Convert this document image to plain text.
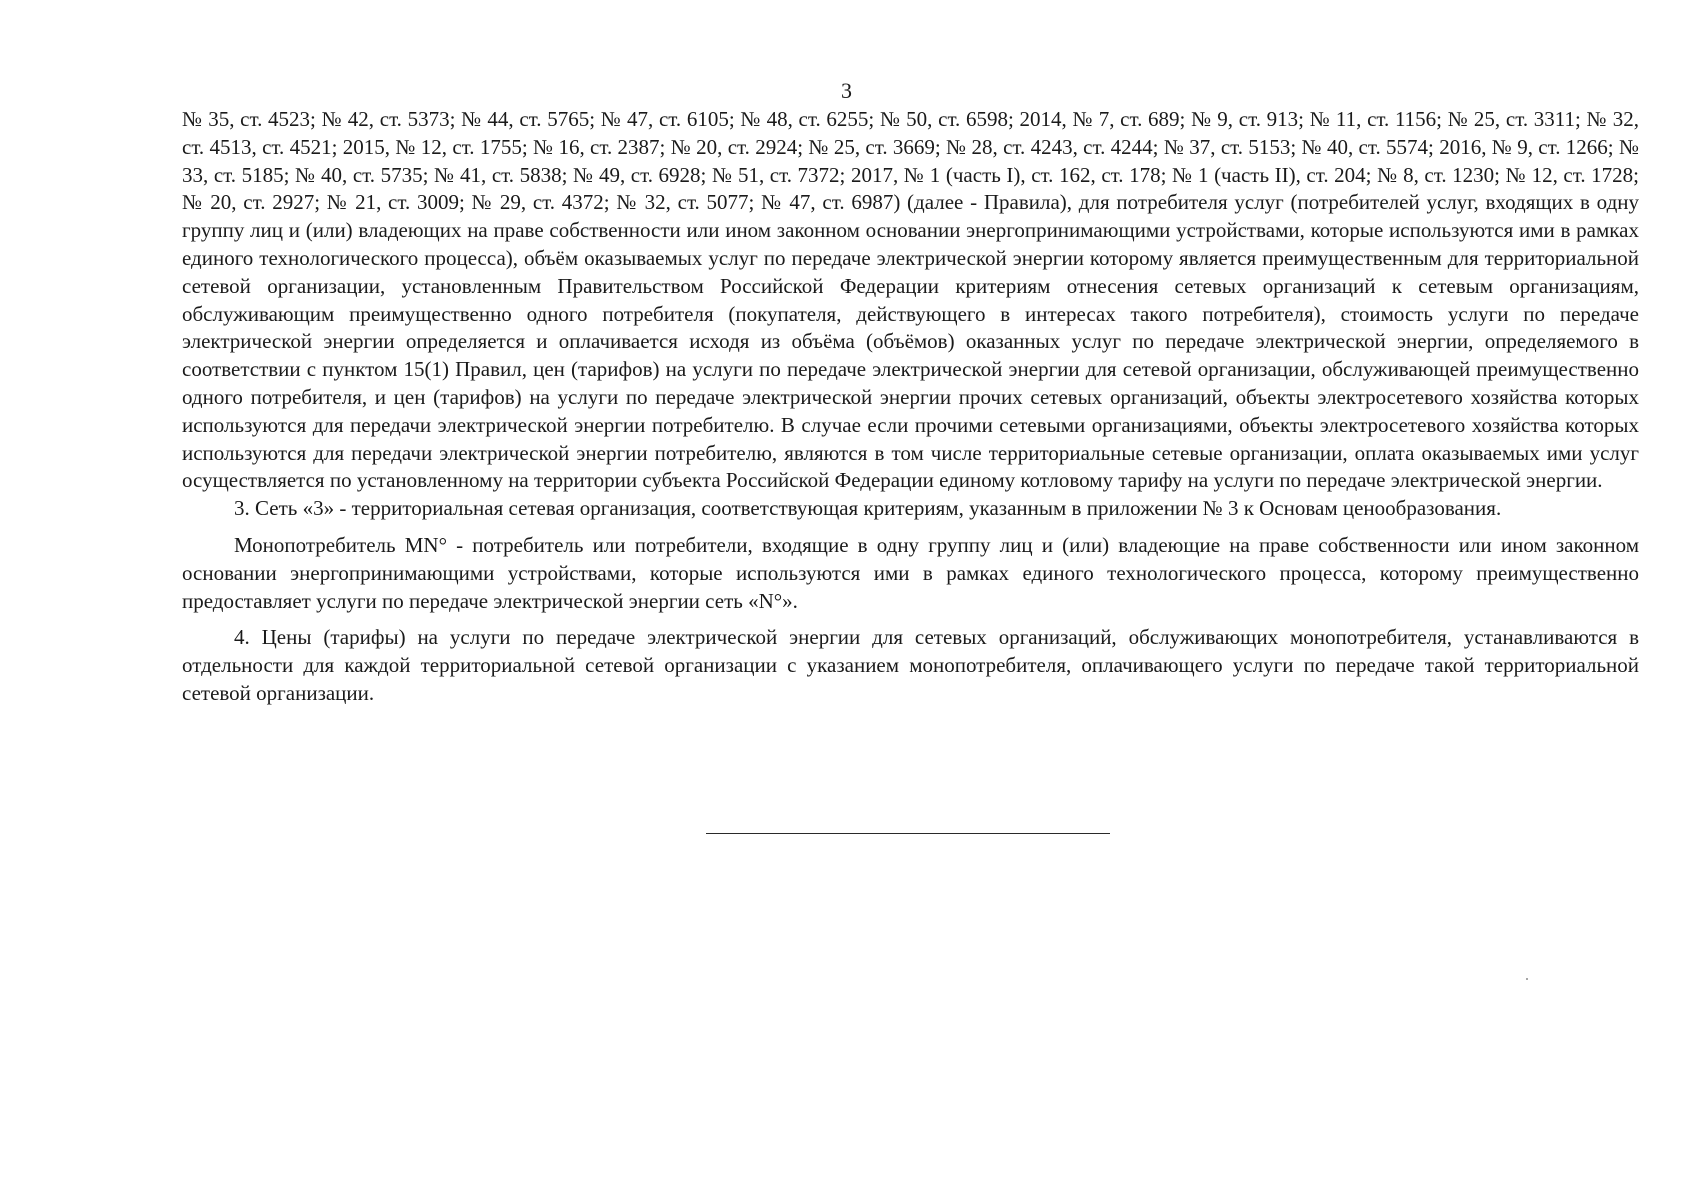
3

№ 35, ст. 4523; № 42, ст. 5373; № 44, ст. 5765; № 47, ст. 6105; № 48, ст. 6255; № 50, ст. 6598; 2014, № 7, ст. 689; № 9, ст. 913; № 11, ст. 1156; № 25, ст. 3311; № 32, ст. 4513, ст. 4521; 2015, № 12, ст. 1755; № 16, ст. 2387; № 20, ст. 2924; № 25, ст. 3669; № 28, ст. 4243, ст. 4244; № 37, ст. 5153; № 40, ст. 5574; 2016, № 9, ст. 1266; № 33, ст. 5185; № 40, ст. 5735; № 41, ст. 5838; № 49, ст. 6928; № 51, ст. 7372; 2017, № 1 (часть I), ст. 162, ст. 178; № 1 (часть II), ст. 204; № 8, ст. 1230; № 12, ст. 1728; № 20, ст. 2927; № 21, ст. 3009; № 29, ст. 4372; № 32, ст. 5077; № 47, ст. 6987) (далее - Правила), для потребителя услуг (потребителей услуг, входящих в одну группу лиц и (или) владеющих на праве собственности или ином законном основании энергопринимающими устройствами, которые используются ими в рамках единого технологического процесса), объём оказываемых услуг по передаче электрической энергии которому является преимущественным для территориальной сетевой организации, установленным Правительством Российской Федерации критериям отнесения сетевых организаций к сетевым организациям, обслуживающим преимущественно одного потребителя (покупателя, действующего в интересах такого потребителя), стоимость услуги по передаче электрической энергии определяется и оплачивается исходя из объёма (объёмов) оказанных услуг по передаче электрической энергии, определяемого в соответствии с пунктом 15(1) Правил, цен (тарифов) на услуги по передаче электрической энергии для сетевой организации, обслуживающей преимущественно одного потребителя, и цен (тарифов) на услуги по передаче электрической энергии прочих сетевых организаций, объекты электросетевого хозяйства которых используются для передачи электрической энергии потребителю. В случае если прочими сетевыми организациями, объекты электросетевого хозяйства которых используются для передачи электрической энергии потребителю, являются в том числе территориальные сетевые организации, оплата оказываемых ими услуг осуществляется по установленному на территории субъекта Российской Федерации единому котловому тарифу на услуги по передаче электрической энергии.

3. Сеть «3» - территориальная сетевая организация, соответствующая критериям, указанным в приложении № 3 к Основам ценообразования.

Монопотребитель MN° - потребитель или потребители, входящие в одну группу лиц и (или) владеющие на праве собственности или ином законном основании энергопринимающими устройствами, которые используются ими в рамках единого технологического процесса, которому преимущественно предоставляет услуги по передаче электрической энергии сеть «N°».

4. Цены (тарифы) на услуги по передаче электрической энергии для сетевых организаций, обслуживающих монопотребителя, устанавливаются в отдельности для каждой территориальной сетевой организации с указанием монопотребителя, оплачивающего услуги по передаче такой территориальной сетевой организации.
